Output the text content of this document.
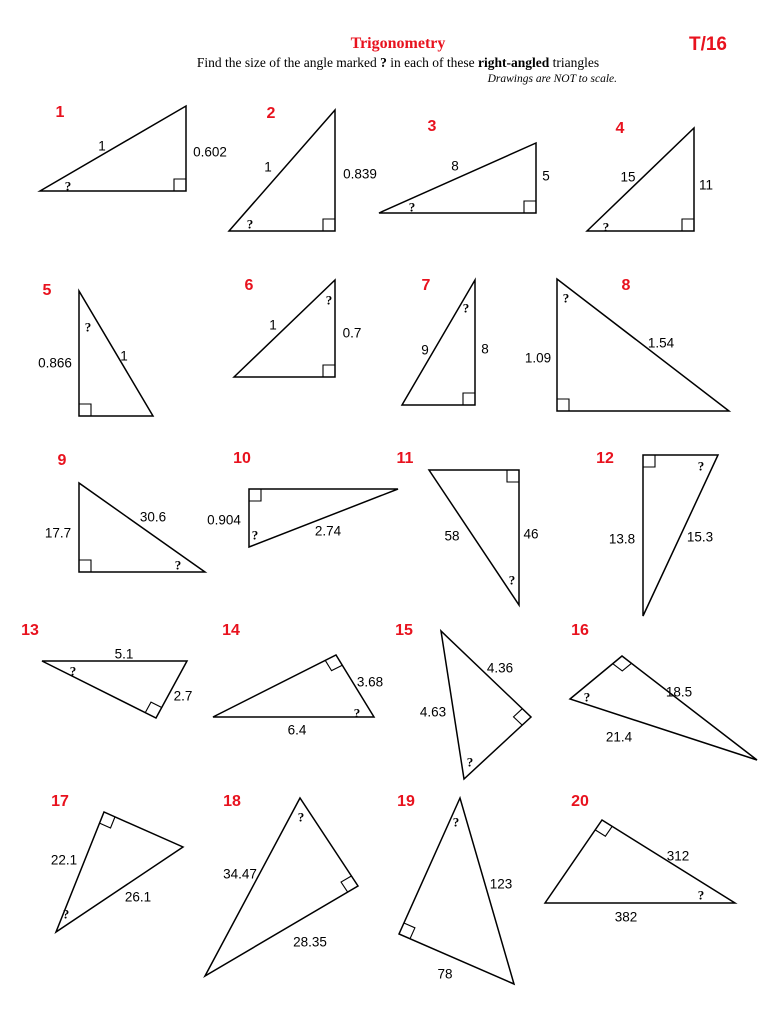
Trigonometry	T/16
Find the size of the angle marked ? in each of these right-angled triangles
Drawings are NOT to scale.
1
?
1	0.602
2
?
1	0.839
3
?
8
5
4
?
15
11
5
?
0.866	1
6
?
1
0.7
7
?
9	8
8
?
1.09
1.54
9
?
17.7
30.6
10
?
0.904
2.74
11
?
58	46
12	?
13.8	15.3
13
?
5.1
2.7
14
?
3.68
6.4
15
?
4.36
4.63
16
?	18.5
21.4
17
?
22.1
26.1
18
?
34.47
28.35
19
?
123
78
20
?
312
382
